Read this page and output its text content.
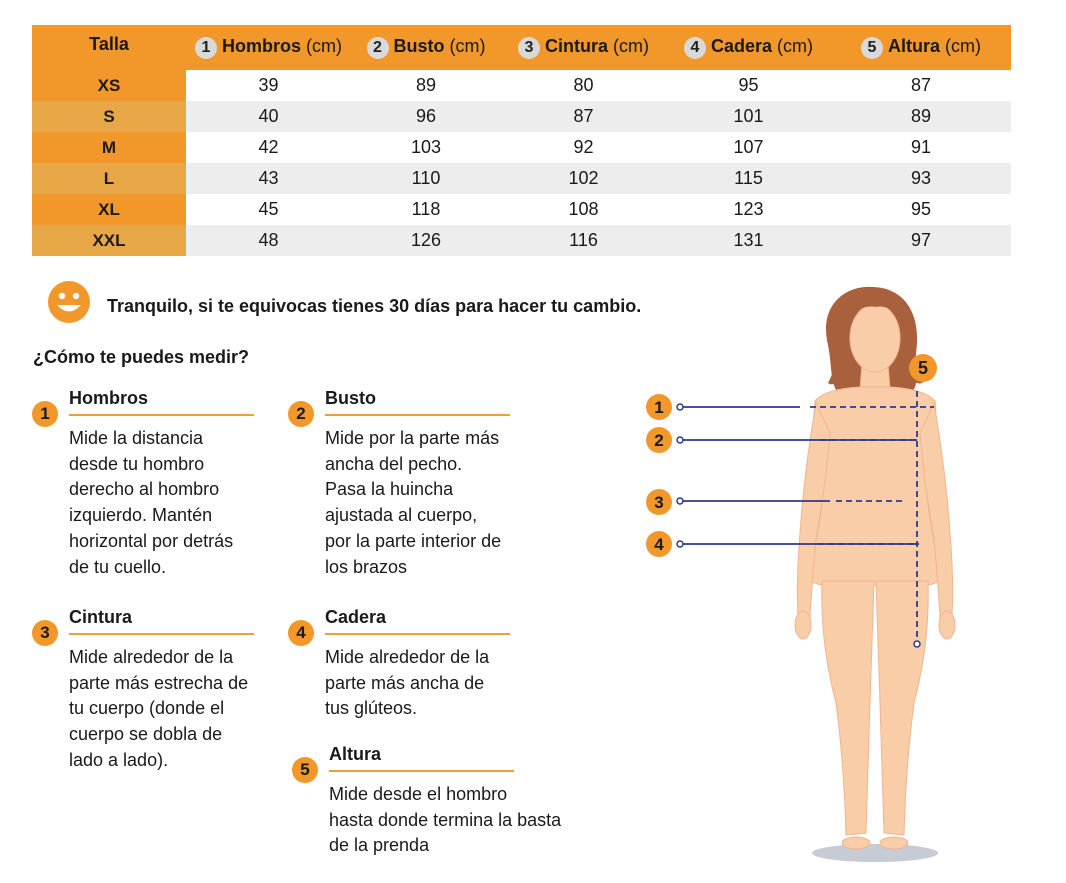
Talla	1 Hombros (cm)	2 Busto (cm)	3 Cintura (cm)	4 Cadera (cm)	5 Altura (cm)
XS	39	89	80	95	87
S	40	96	87	101	89
M	42	103	92	107	91
L	43	110	102	115	93
XL	45	118	108	123	95
XXL	48	126	116	131	97
Tranquilo, si te equivocas tienes 30 días para hacer tu cambio.
¿Cómo te puedes medir?
Hombros
1
Mide la distancia
desde tu hombro
derecho al hombro
izquierdo. Mantén
horizontal por detrás
de tu cuello.
Busto
2
Mide por la parte más
ancha del pecho.
Pasa la huincha
ajustada al cuerpo,
por la parte interior de
los brazos
Cintura
3
Mide alrededor de la
parte más estrecha de
tu cuerpo (donde el
cuerpo se dobla de
lado a lado).
Cadera
4
Mide alrededor de la
parte más ancha de
tus glúteos.
Altura
5
Mide desde el hombro
hasta donde termina la basta
de la prenda
1
2
3
4
5
